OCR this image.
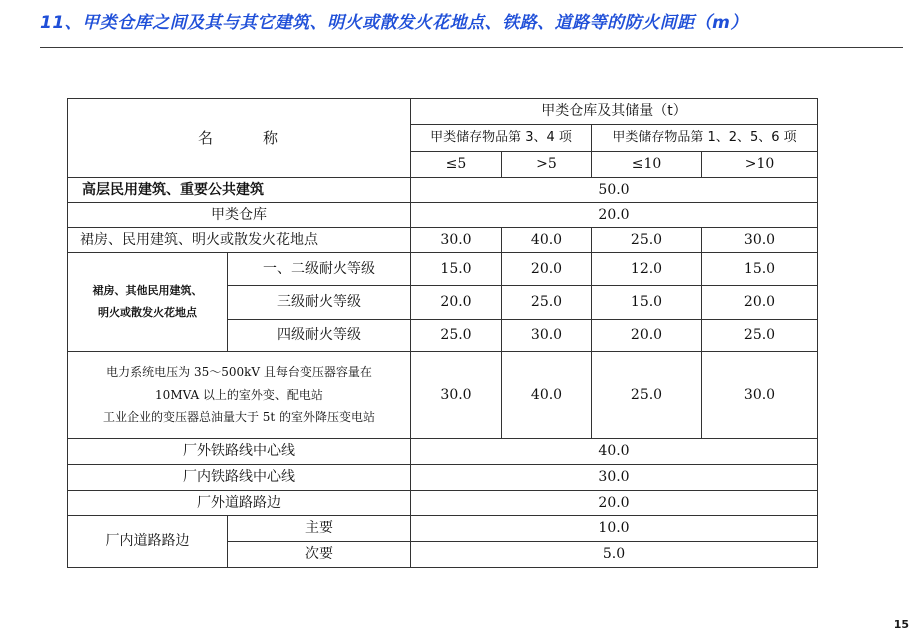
11、甲类仓库之间及其与其它建筑、明火或散发火花地点、铁路、道路等的防火间距（m）
名 称		甲类仓库及其储量（t）			
		甲类储存物品第 3、4 项		甲类储存物品第 1、2、5、6 项	
		≤5	>5	≤10	>10
高层民用建筑、重要公共建筑		50.0			
甲类仓库		20.0			
裙房、民用建筑、明火或散发火花地点		30.0	40.0	25.0	30.0

裙房、其他民用建筑、
明火或散发火花地点	一、二级耐火等级	15.0	20.0	12.0	15.0
	三级耐火等级	20.0	25.0	15.0	20.0
	四级耐火等级	25.0	30.0	20.0	25.0

电力系统电压为 35～500kV 且每台变压器容量在
10MVA 以上的室外变、配电站
工业企业的变压器总油量大于 5t 的室外降压变电站		30.0	40.0	25.0	30.0
厂外铁路线中心线		40.0			
厂内铁路线中心线		30.0			
厂外道路路边		20.0			
厂内道路路边	主要	10.0			
	次要	5.0			
15
